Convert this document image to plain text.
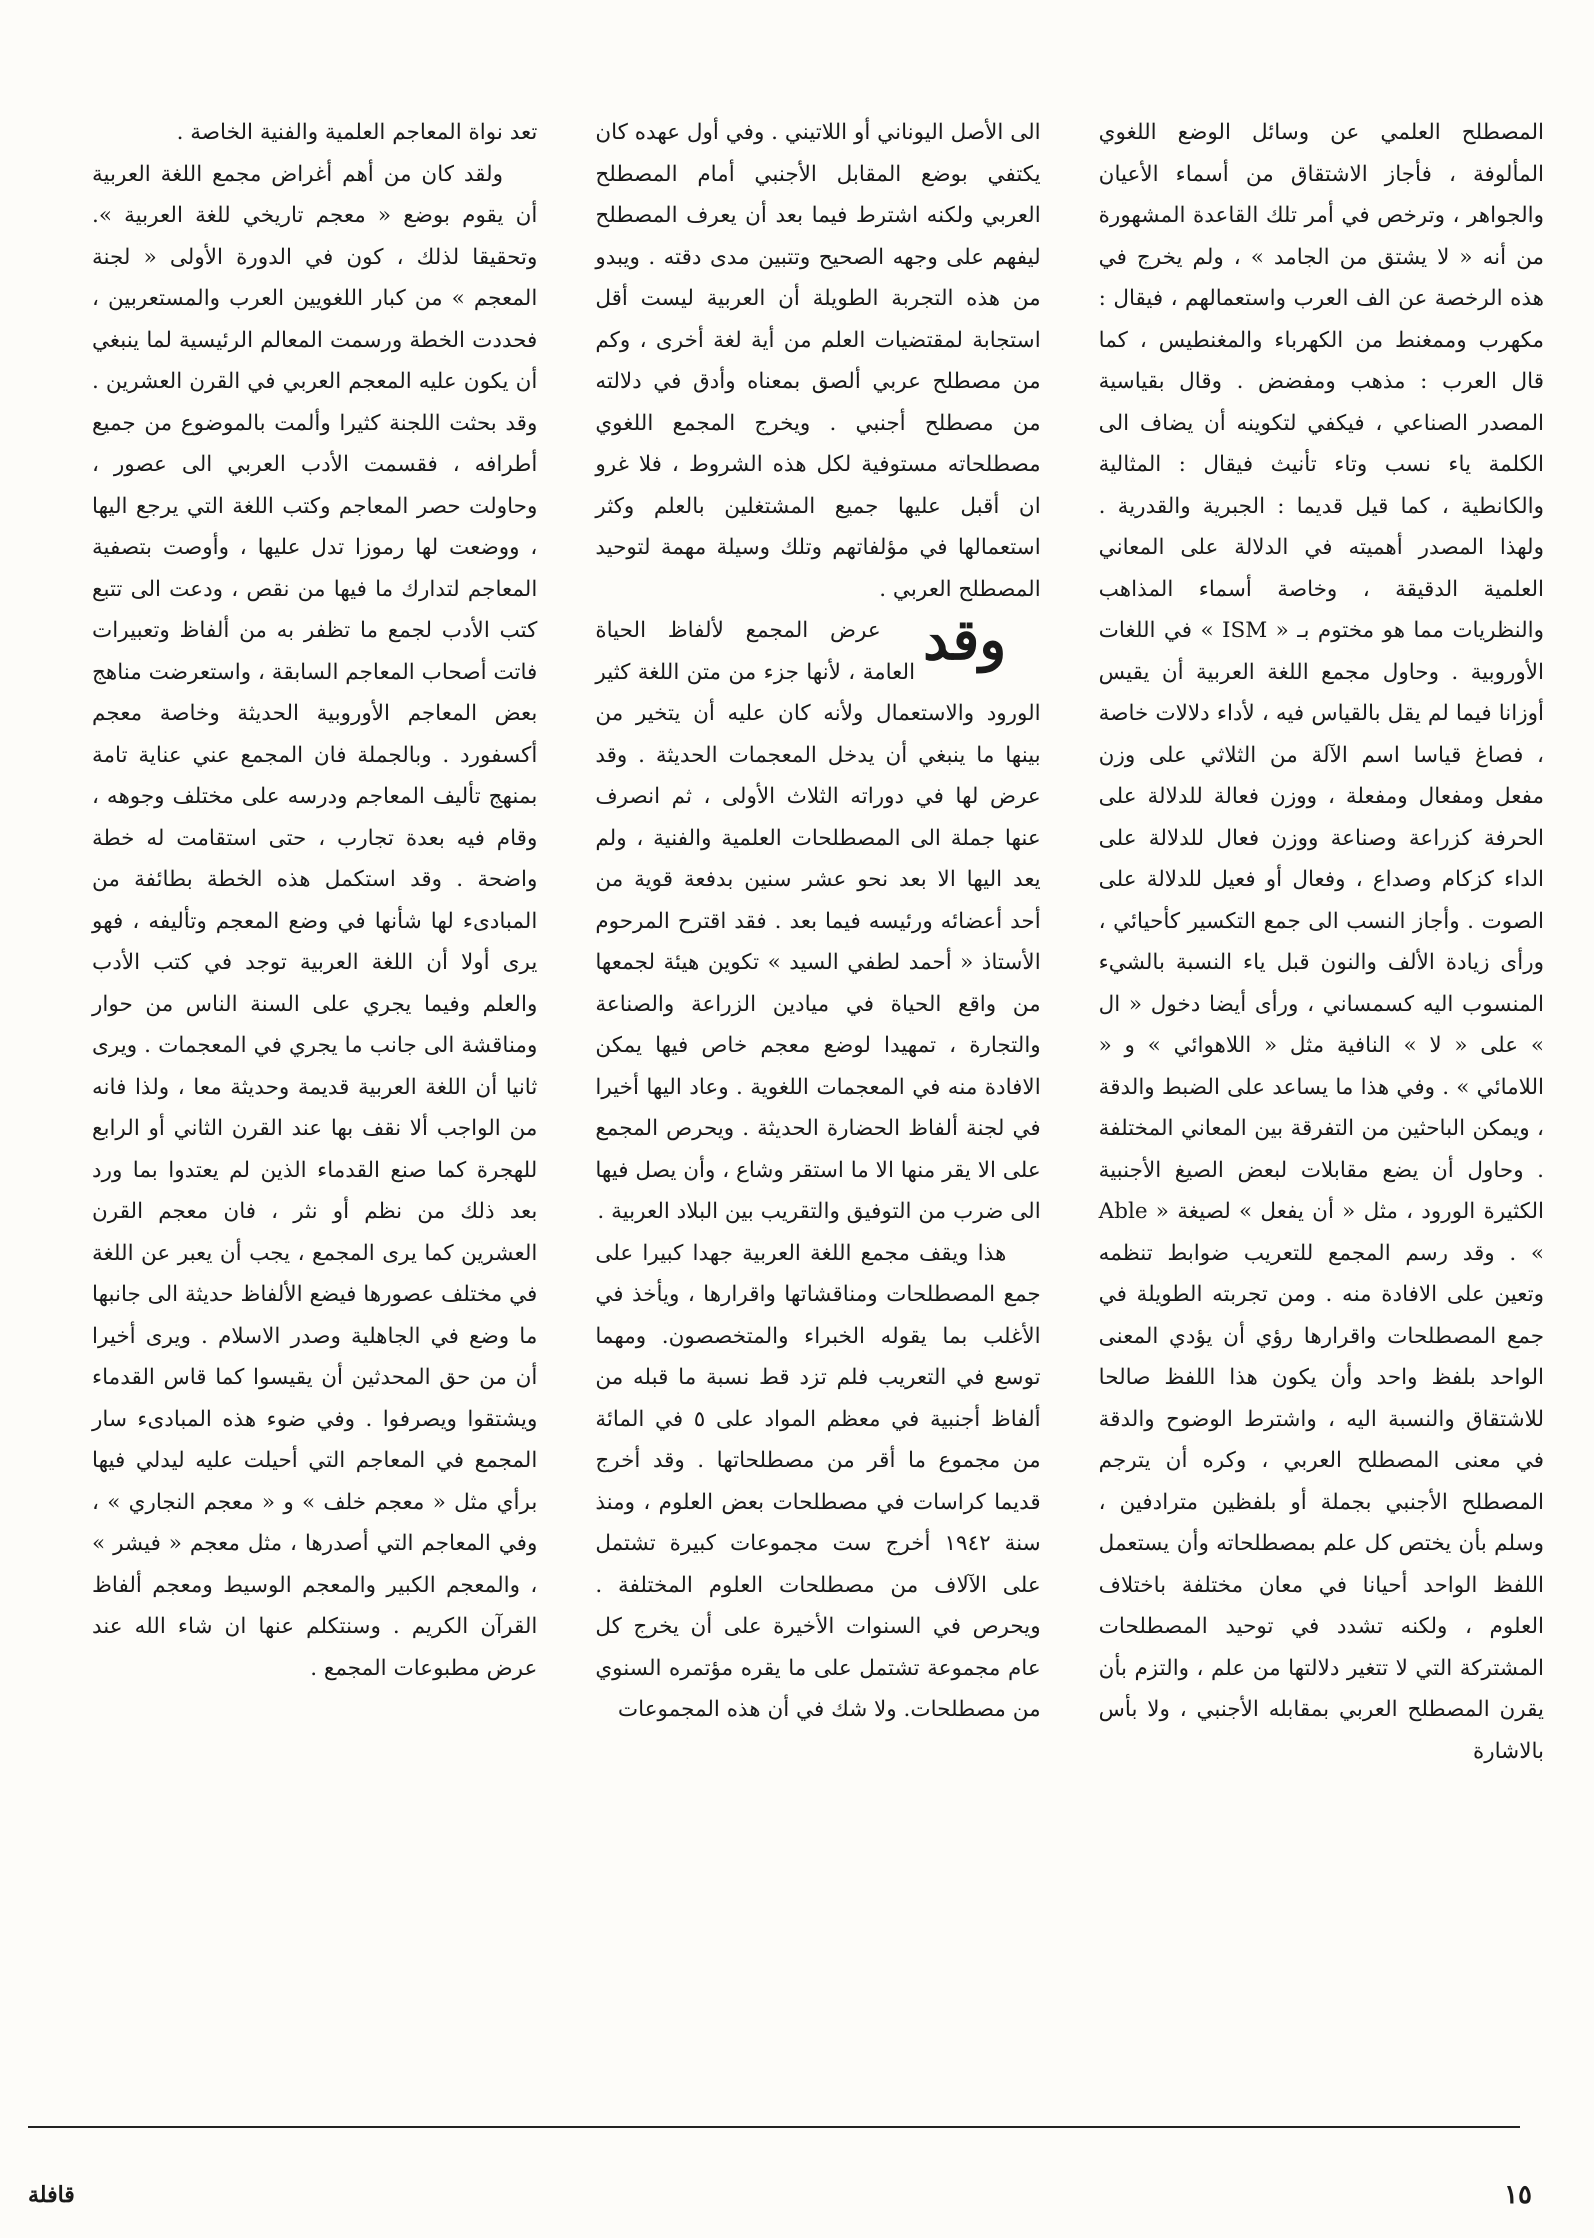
المصطلح العلمي عن وسائل الوضع اللغوي المألوفة ، فأجاز الاشتقاق من أسماء الأعيان والجواهر ، وترخص في أمر تلك القاعدة المشهورة من أنه « لا يشتق من الجامد » ، ولم يخرج في هذه الرخصة عن الف العرب واستعمالهم ، فيقال : مكهرب وممغنط من الكهرباء والمغنطيس ، كما قال العرب : مذهب ومفضض . وقال بقياسية المصدر الصناعي ، فيكفي لتكوينه أن يضاف الى الكلمة ياء نسب وتاء تأنيث فيقال : المثالية والكانطية ، كما قيل قديما : الجبرية والقدرية . ولهذا المصدر أهميته في الدلالة على المعاني العلمية الدقيقة ، وخاصة أسماء المذاهب والنظريات مما هو مختوم بـ « ISM » في اللغات الأوروبية . وحاول مجمع اللغة العربية أن يقيس أوزانا فيما لم يقل بالقياس فيه ، لأداء دلالات خاصة ، فصاغ قياسا اسم الآلة من الثلاثي على وزن مفعل ومفعال ومفعلة ، ووزن فعالة للدلالة على الحرفة كزراعة وصناعة ووزن فعال للدلالة على الداء كزكام وصداع ، وفعال أو فعيل للدلالة على الصوت . وأجاز النسب الى جمع التكسير كأحيائي ، ورأى زيادة الألف والنون قبل ياء النسبة بالشيء المنسوب اليه كسمساني ، ورأى أيضا دخول « ال » على « لا » النافية مثل « اللاهوائي » و « اللامائي » . وفي هذا ما يساعد على الضبط والدقة ، ويمكن الباحثين من التفرقة بين المعاني المختلفة . وحاول أن يضع مقابلات لبعض الصيغ الأجنبية الكثيرة الورود ، مثل « أن يفعل » لصيغة « Able » . وقد رسم المجمع للتعريب ضوابط تنظمه وتعين على الافادة منه . ومن تجربته الطويلة في جمع المصطلحات واقرارها رؤي أن يؤدي المعنى الواحد بلفظ واحد وأن يكون هذا اللفظ صالحا للاشتقاق والنسبة اليه ، واشترط الوضوح والدقة في معنى المصطلح العربي ، وكره أن يترجم المصطلح الأجنبي بجملة أو بلفظين مترادفين ، وسلم بأن يختص كل علم بمصطلحاته وأن يستعمل اللفظ الواحد أحيانا في معان مختلفة باختلاف العلوم ، ولكنه تشدد في توحيد المصطلحات المشتركة التي لا تتغير دلالتها من علم ، والتزم بأن يقرن المصطلح العربي بمقابله الأجنبي ، ولا بأس بالاشارة

الى الأصل اليوناني أو اللاتيني . وفي أول عهده كان يكتفي بوضع المقابل الأجنبي أمام المصطلح العربي ولكنه اشترط فيما بعد أن يعرف المصطلح ليفهم على وجهه الصحيح وتتبين مدى دقته . ويبدو من هذه التجربة الطويلة أن العربية ليست أقل استجابة لمقتضيات العلم من أية لغة أخرى ، وكم من مصطلح عربي ألصق بمعناه وأدق في دلالته من مصطلح أجنبي . ويخرج المجمع اللغوي مصطلحاته مستوفية لكل هذه الشروط ، فلا غرو ان أقبل عليها جميع المشتغلين بالعلم وكثر استعمالها في مؤلفاتهم وتلك وسيلة مهمة لتوحيد المصطلح العربي .

وقد
عرض المجمع لألفاظ الحياة العامة ، لأنها جزء من متن اللغة كثير الورود والاستعمال ولأنه كان عليه أن يتخير من بينها ما ينبغي أن يدخل المعجمات الحديثة . وقد عرض لها في دوراته الثلاث الأولى ، ثم انصرف عنها جملة الى المصطلحات العلمية والفنية ، ولم يعد اليها الا بعد نحو عشر سنين بدفعة قوية من أحد أعضائه ورئيسه فيما بعد . فقد اقترح المرحوم الأستاذ « أحمد لطفي السيد » تكوين هيئة لجمعها من واقع الحياة في ميادين الزراعة والصناعة والتجارة ، تمهيدا لوضع معجم خاص فيها يمكن الافادة منه في المعجمات اللغوية . وعاد اليها أخيرا في لجنة ألفاظ الحضارة الحديثة . ويحرص المجمع على الا يقر منها الا ما استقر وشاع ، وأن يصل فيها الى ضرب من التوفيق والتقريب بين البلاد العربية .

هذا ويقف مجمع اللغة العربية جهدا كبيرا على جمع المصطلحات ومناقشاتها واقرارها ، ويأخذ في الأغلب بما يقوله الخبراء والمتخصصون. ومهما توسع في التعريب فلم تزد قط نسبة ما قبله من ألفاظ أجنبية في معظم المواد على ٥ في المائة من مجموع ما أقر من مصطلحاتها . وقد أخرج قديما كراسات في مصطلحات بعض العلوم ، ومنذ سنة ١٩٤٢ أخرج ست مجموعات كبيرة تشتمل على الآلاف من مصطلحات العلوم المختلفة . ويحرص في السنوات الأخيرة على أن يخرج كل عام مجموعة تشتمل على ما يقره مؤتمره السنوي من مصطلحات. ولا شك في أن هذه المجموعات

تعد نواة المعاجم العلمية والفنية الخاصة .

ولقد كان من أهم أغراض مجمع اللغة العربية أن يقوم بوضع « معجم تاريخي للغة العربية ». وتحقيقا لذلك ، كون في الدورة الأولى « لجنة المعجم » من كبار اللغويين العرب والمستعربين ، فحددت الخطة ورسمت المعالم الرئيسية لما ينبغي أن يكون عليه المعجم العربي في القرن العشرين . وقد بحثت اللجنة كثيرا وألمت بالموضوع من جميع أطرافه ، فقسمت الأدب العربي الى عصور ، وحاولت حصر المعاجم وكتب اللغة التي يرجع اليها ، ووضعت لها رموزا تدل عليها ، وأوصت بتصفية المعاجم لتدارك ما فيها من نقص ، ودعت الى تتبع كتب الأدب لجمع ما تظفر به من ألفاظ وتعبيرات فاتت أصحاب المعاجم السابقة ، واستعرضت مناهج بعض المعاجم الأوروبية الحديثة وخاصة معجم أكسفورد . وبالجملة فان المجمع عني عناية تامة بمنهج تأليف المعاجم ودرسه على مختلف وجوهه ، وقام فيه بعدة تجارب ، حتى استقامت له خطة واضحة . وقد استكمل هذه الخطة بطائفة من المبادىء لها شأنها في وضع المعجم وتأليفه ، فهو يرى أولا أن اللغة العربية توجد في كتب الأدب والعلم وفيما يجري على السنة الناس من حوار ومناقشة الى جانب ما يجري في المعجمات . ويرى ثانيا أن اللغة العربية قديمة وحديثة معا ، ولذا فانه من الواجب ألا نقف بها عند القرن الثاني أو الرابع للهجرة كما صنع القدماء الذين لم يعتدوا بما ورد بعد ذلك من نظم أو نثر ، فان معجم القرن العشرين كما يرى المجمع ، يجب أن يعبر عن اللغة في مختلف عصورها فيضع الألفاظ حديثة الى جانبها ما وضع في الجاهلية وصدر الاسلام . ويرى أخيرا أن من حق المحدثين أن يقيسوا كما قاس القدماء ويشتقوا ويصرفوا . وفي ضوء هذه المبادىء سار المجمع في المعاجم التي أحيلت عليه ليدلي فيها برأي مثل « معجم خلف » و « معجم النجاري » ، وفي المعاجم التي أصدرها ، مثل معجم « فيشر » ، والمعجم الكبير والمعجم الوسيط ومعجم ألفاظ القرآن الكريم . وسنتكلم عنها ان شاء الله عند عرض مطبوعات المجمع .

١٥
قافلة
